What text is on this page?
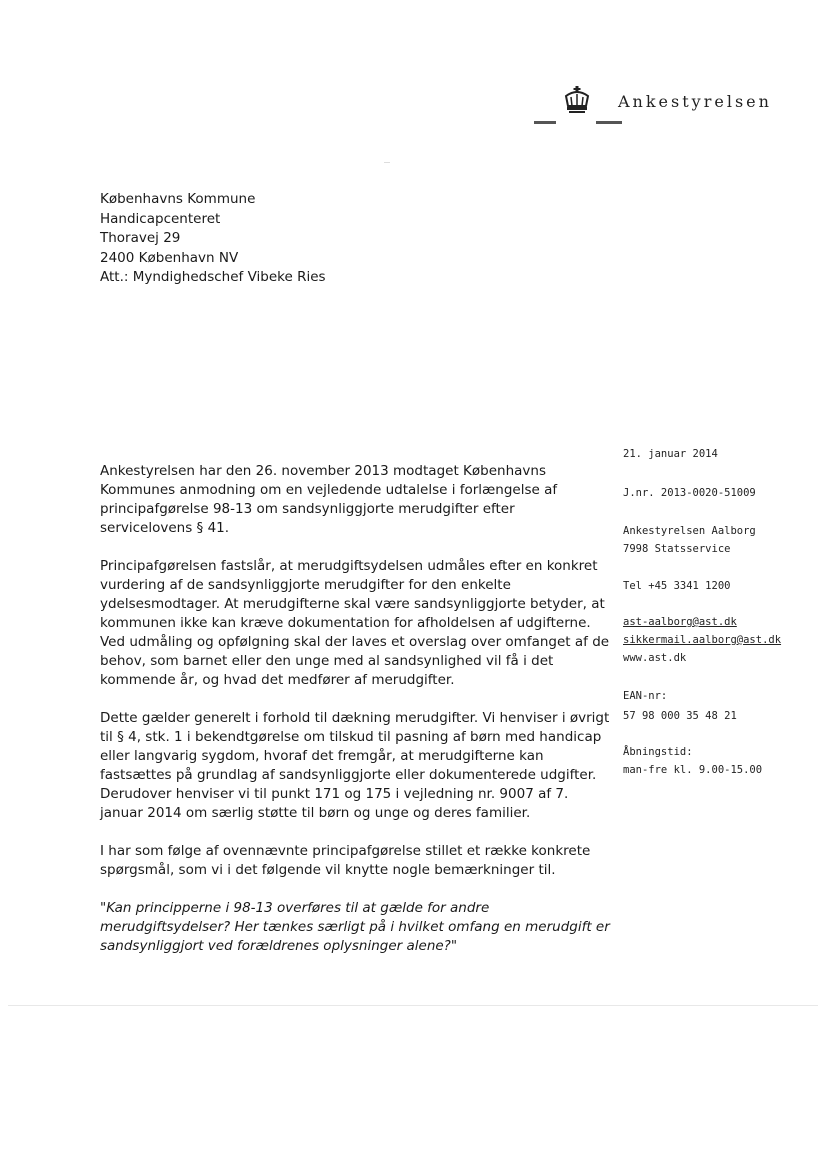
Ankestyrelsen
Københavns Kommune
Handicapcenteret
Thoravej 29
2400 København NV
Att.: Myndighedschef Vibeke Ries
21. januar 2014
J.nr. 2013-0020-51009
Ankestyrelsen Aalborg
7998 Statsservice
Tel +45 3341 1200
ast-aalborg@ast.dk
sikkermail.aalborg@ast.dk
www.ast.dk
EAN-nr:
57 98 000 35 48 21
Åbningstid:
man-fre kl. 9.00-15.00

Ankestyrelsen har den 26. november 2013 modtaget Københavns Kommunes anmodning om en vejledende udtalelse i forlængelse af principafgørelse 98-13 om sandsynliggjorte merudgifter efter servicelovens § 41.

Principafgørelsen fastslår, at merudgiftsydelsen udmåles efter en konkret vurdering af de sandsynliggjorte merudgifter for den enkelte ydelsesmodtager. At merudgifterne skal være sandsynliggjorte betyder, at kommunen ikke kan kræve dokumentation for afholdelsen af udgifterne. Ved udmåling og opfølgning skal der laves et overslag over omfanget af de behov, som barnet eller den unge med al sandsynlighed vil få i det kommende år, og hvad det medfører af merudgifter.

Dette gælder generelt i forhold til dækning merudgifter. Vi henviser i øvrigt til § 4, stk. 1 i bekendtgørelse om tilskud til pasning af børn med handicap eller langvarig sygdom, hvoraf det fremgår, at merudgifterne kan fastsættes på grundlag af sandsynliggjorte eller dokumenterede udgifter. Derudover henviser vi til punkt 171 og 175 i vejledning nr. 9007 af 7. januar 2014 om særlig støtte til børn og unge og deres familier.

I har som følge af ovennævnte principafgørelse stillet et række konkrete spørgsmål, som vi i det følgende vil knytte nogle bemærkninger til.

"Kan principperne i 98-13 overføres til at gælde for andre merudgiftsydelser? Her tænkes særligt på i hvilket omfang en merudgift er sandsynliggjort ved forældrenes oplysninger alene?"
